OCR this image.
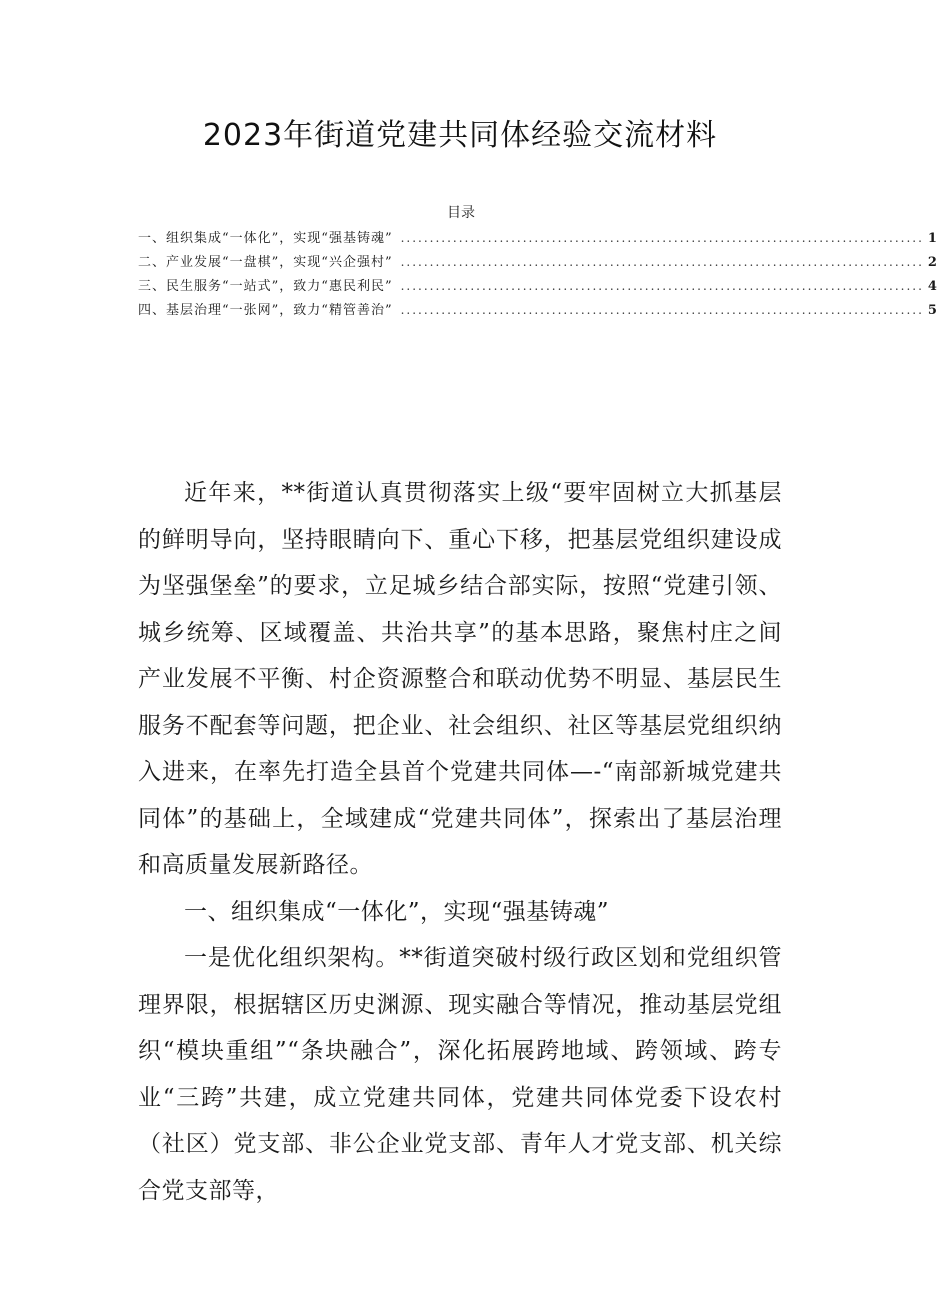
2023年街道党建共同体经验交流材料
目录
一、组织集成“一体化”，实现“强基铸魂” .......................................................................................... 1
二、产业发展“一盘棋”，实现“兴企强村” .......................................................................................... 2
三、民生服务“一站式”，致力“惠民利民” .......................................................................................... 4
四、基层治理“一张网”，致力“精管善治” .......................................................................................... 5

近年来，**街道认真贯彻落实上级“要牢固树立大抓基层的鲜明导向，坚持眼睛向下、重心下移，把基层党组织建设成为坚强堡垒”的要求，立足城乡结合部实际，按照“党建引领、城乡统筹、区域覆盖、共治共享”的基本思路，聚焦村庄之间产业发展不平衡、村企资源整合和联动优势不明显、基层民生服务不配套等问题，把企业、社会组织、社区等基层党组织纳入进来，在率先打造全县首个党建共同体—-“南部新城党建共同体”的基础上，全域建成“党建共同体”，探索出了基层治理和高质量发展新路径。

一、组织集成“一体化”，实现“强基铸魂”

一是优化组织架构。**街道突破村级行政区划和党组织管理界限，根据辖区历史渊源、现实融合等情况，推动基层党组织“模块重组”“条块融合”，深化拓展跨地域、跨领域、跨专业“三跨”共建，成立党建共同体，党建共同体党委下设农村（社区）党支部、非公企业党支部、青年人才党支部、机关综合党支部等，
